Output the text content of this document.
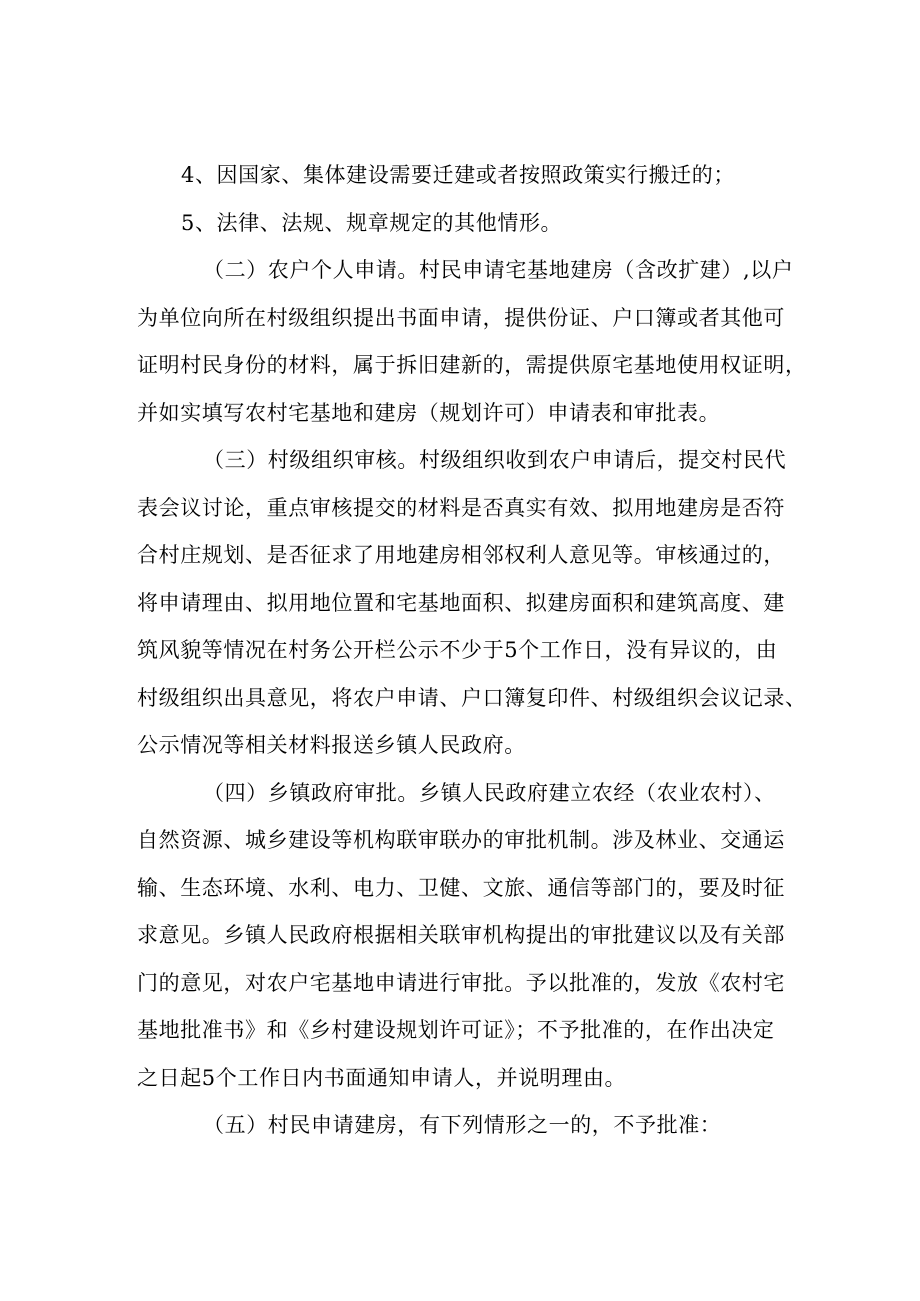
4、因国家、集体建设需要迁建或者按照政策实行搬迁的；

5、法律、法规、规章规定的其他情形。

（二）农户个人申请。村民申请宅基地建房（含改扩建）,以户
为单位向所在村级组织提出书面申请，提供份证、户口簿或者其他可
证明村民身份的材料，属于拆旧建新的，需提供原宅基地使用权证明，
并如实填写农村宅基地和建房（规划许可）申请表和审批表。

（三）村级组织审核。村级组织收到农户申请后，提交村民代
表会议讨论，重点审核提交的材料是否真实有效、拟用地建房是否符
合村庄规划、是否征求了用地建房相邻权利人意见等。审核通过的，
将申请理由、拟用地位置和宅基地面积、拟建房面积和建筑高度、建
筑风貌等情况在村务公开栏公示不少于5个工作日，没有异议的，由
村级组织出具意见，将农户申请、户口簿复印件、村级组织会议记录、
公示情况等相关材料报送乡镇人民政府。

（四）乡镇政府审批。乡镇人民政府建立农经（农业农村）、
自然资源、城乡建设等机构联审联办的审批机制。涉及林业、交通运
输、生态环境、水利、电力、卫健、文旅、通信等部门的，要及时征
求意见。乡镇人民政府根据相关联审机构提出的审批建议以及有关部
门的意见，对农户宅基地申请进行审批。予以批准的，发放《农村宅
基地批准书》和《乡村建设规划许可证》；不予批准的，在作出决定
之日起5个工作日内书面通知申请人，并说明理由。

（五）村民申请建房，有下列情形之一的，不予批准：
